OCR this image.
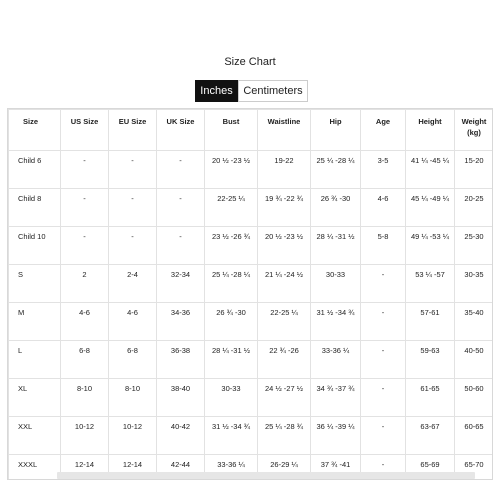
Size Chart
Inches Centimeters
Size	US Size	EU Size	UK Size	Bust	Waistline	Hip	Age	Height	Weight (kg)
Child 6	-	-	-	20 ½ -23 ½	19-22	25 ¼ -28 ¼	3-5	41 ¼ -45 ¼	15-20
Child 8	-	-	-	22-25 ¼	19 ¾ -22 ¾	26 ¾ -30	4-6	45 ¼ -49 ¼	20-25
Child 10	-	-	-	23 ½ -26 ¾	20 ½ -23 ½	28 ¼ -31 ½	5-8	49 ¼ -53 ¼	25-30
S	2	2-4	32-34	25 ¼ -28 ¼	21 ¼ -24 ½	30-33	-	53 ¼ -57	30-35
M	4-6	4-6	34-36	26 ¾ -30	22-25 ¼	31 ½ -34 ¾	-	57-61	35-40
L	6-8	6-8	36-38	28 ¼ -31 ½	22 ¾ -26	33-36 ¼	-	59-63	40-50
XL	8-10	8-10	38-40	30-33	24 ½ -27 ½	34 ¾ -37 ¾	-	61-65	50-60
XXL	10-12	10-12	40-42	31 ½ -34 ¾	25 ¼ -28 ¾	36 ¼ -39 ¼	-	63-67	60-65
XXXL	12-14	12-14	42-44	33-36 ¼	26-29 ¼	37 ¾ -41	-	65-69	65-70
